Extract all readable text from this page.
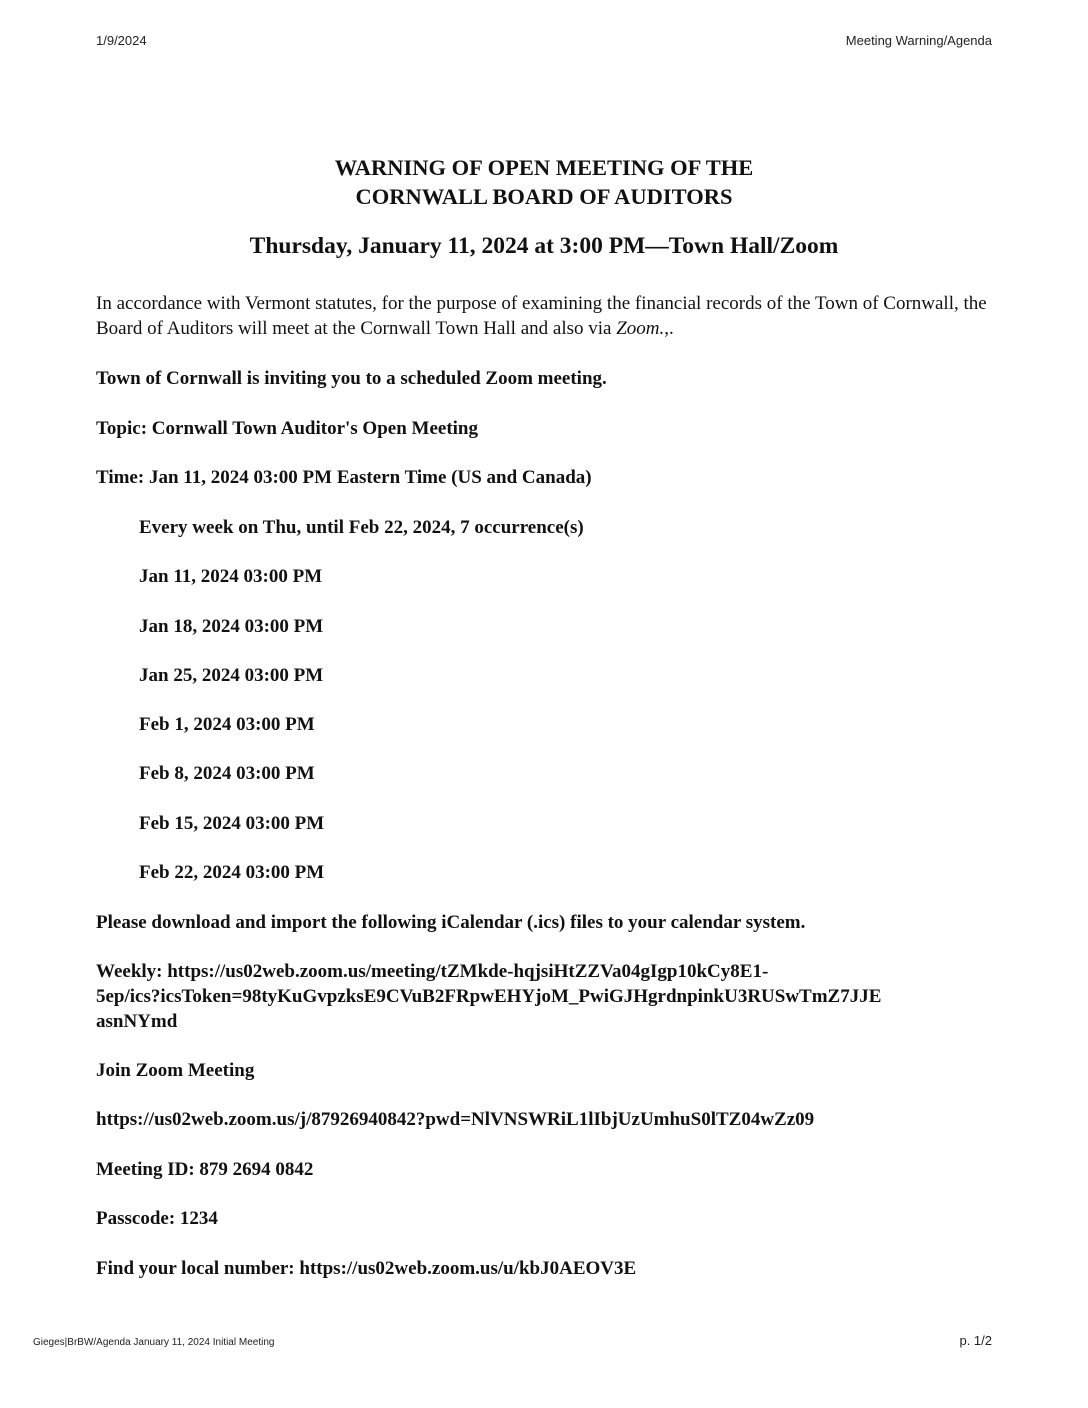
1/9/2024	Meeting Warning/Agenda
WARNING OF OPEN MEETING OF THE
CORNWALL BOARD OF AUDITORS
Thursday, January 11, 2024 at 3:00 PM—Town Hall/Zoom
In accordance with Vermont statutes, for the purpose of examining the financial records of the Town of Cornwall, the Board of Auditors will meet at the Cornwall Town Hall and also via Zoom.,.
Town of Cornwall is inviting you to a scheduled Zoom meeting.
Topic: Cornwall Town Auditor's Open Meeting
Time: Jan 11, 2024 03:00 PM Eastern Time (US and Canada)
Every week on Thu, until Feb 22, 2024, 7 occurrence(s)
Jan 11, 2024 03:00 PM
Jan 18, 2024 03:00 PM
Jan 25, 2024 03:00 PM
Feb 1, 2024 03:00 PM
Feb 8, 2024 03:00 PM
Feb 15, 2024 03:00 PM
Feb 22, 2024 03:00 PM
Please download and import the following iCalendar (.ics) files to your calendar system.
Weekly: https://us02web.zoom.us/meeting/tZMkde-hqjsiHtZZVa04gIgp10kCy8E1-
5ep/ics?icsToken=98tyKuGvpzksE9CVuB2FRpwEHYjoM_PwiGJHgrdnpinkU3RUSwTmZ7JJE
asnNYmd
Join Zoom Meeting
https://us02web.zoom.us/j/87926940842?pwd=NlVNSWRiL1lIbjUzUmhuS0lTZ04wZz09
Meeting ID: 879 2694 0842
Passcode: 1234
Find your local number: https://us02web.zoom.us/u/kbJ0AEOV3E
Gieges|BrBW/Agenda January 11, 2024 Initial Meeting	p. 1/2
